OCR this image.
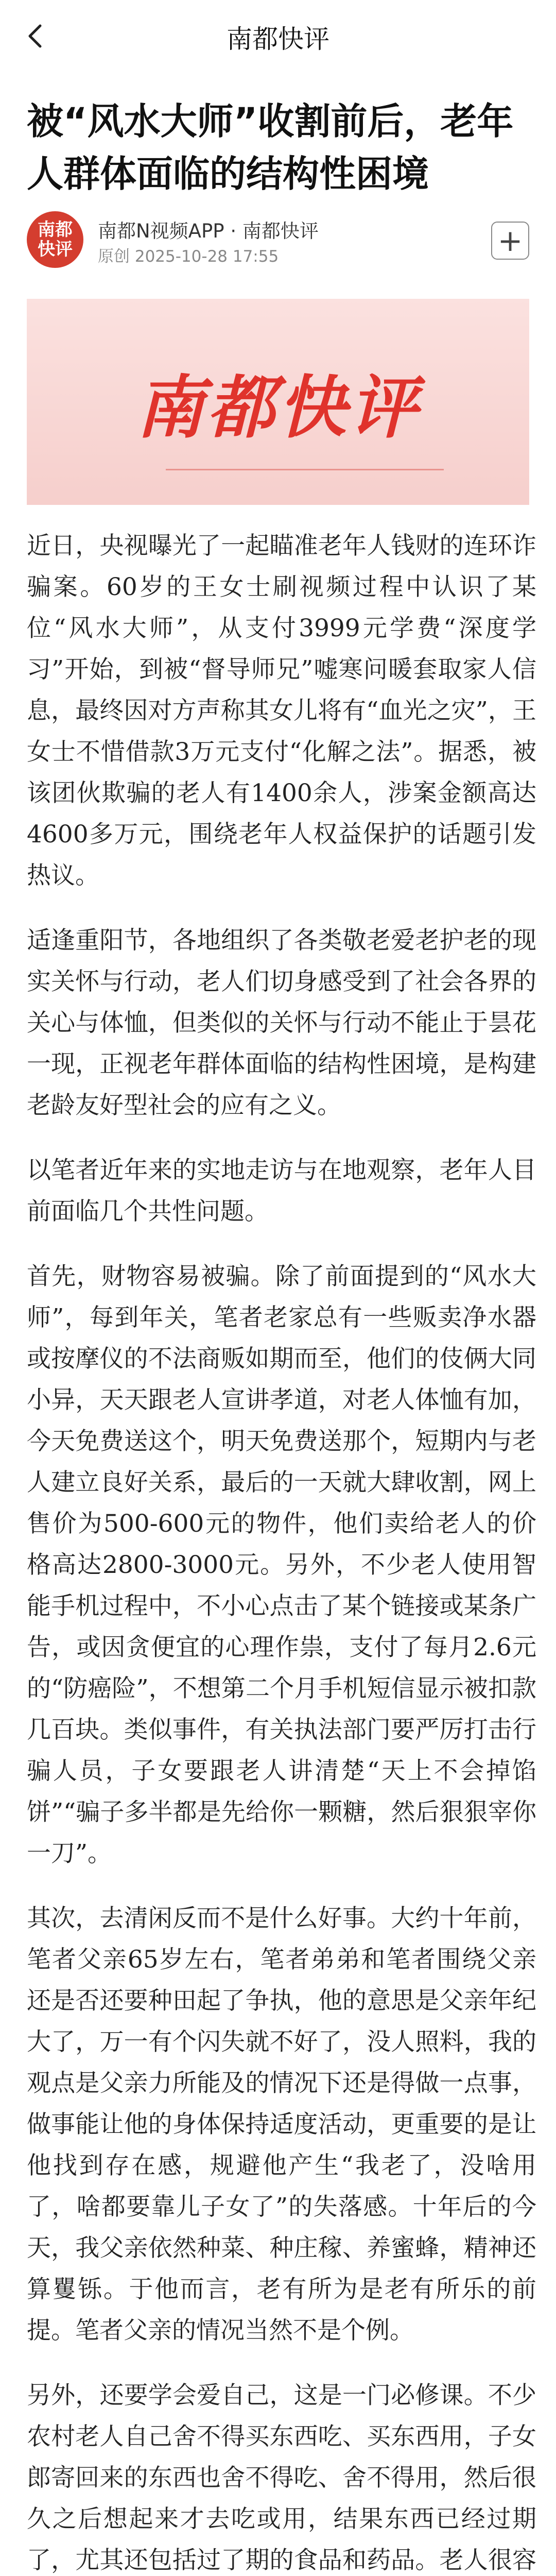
南都快评
被“风水大师”收割前后，老年人群体面临的结构性困境
南都
快评
南都N视频APP · 南都快评
原创 2025-10-28 17:55	+
南都快评

近日，央视曝光了一起瞄准老年人钱财的连环诈骗案。60岁的王女士刷视频过程中认识了某位“风水大师”，从支付3999元学费“深度学习”开始，到被“督导师兄”嘘寒问暖套取家人信息，最终因对方声称其女儿将有“血光之灾”，王女士不惜借款3万元支付“化解之法”。据悉，被该团伙欺骗的老人有1400余人，涉案金额高达4600多万元，围绕老年人权益保护的话题引发热议。

适逢重阳节，各地组织了各类敬老爱老护老的现实关怀与行动，老人们切身感受到了社会各界的关心与体恤，但类似的关怀与行动不能止于昙花一现，正视老年群体面临的结构性困境，是构建老龄友好型社会的应有之义。

以笔者近年来的实地走访与在地观察，老年人目前面临几个共性问题。

首先，财物容易被骗。除了前面提到的“风水大师”，每到年关，笔者老家总有一些贩卖净水器或按摩仪的不法商贩如期而至，他们的伎俩大同小异，天天跟老人宣讲孝道，对老人体恤有加，今天免费送这个，明天免费送那个，短期内与老人建立良好关系，最后的一天就大肆收割，网上售价为500-600元的物件，他们卖给老人的价格高达2800-3000元。另外，不少老人使用智能手机过程中，不小心点击了某个链接或某条广告，或因贪便宜的心理作祟，支付了每月2.6元的“防癌险”，不想第二个月手机短信显示被扣款几百块。类似事件，有关执法部门要严厉打击行骗人员，子女要跟老人讲清楚“天上不会掉馅饼”“骗子多半都是先给你一颗糖，然后狠狠宰你一刀”。

其次，去清闲反而不是什么好事。大约十年前，笔者父亲65岁左右，笔者弟弟和笔者围绕父亲还是否还要种田起了争执，他的意思是父亲年纪大了，万一有个闪失就不好了，没人照料，我的观点是父亲力所能及的情况下还是得做一点事，做事能让他的身体保持适度活动，更重要的是让他找到存在感，规避他产生“我老了，没啥用了，啥都要靠儿子女了”的失落感。十年后的今天，我父亲依然种菜、种庄稼、养蜜蜂，精神还算矍铄。于他而言，老有所为是老有所乐的前提。笔者父亲的情况当然不是个例。

另外，还要学会爱自己，这是一门必修课。不少农村老人自己舍不得买东西吃、买东西用，子女郎寄回来的东西也舍不得吃、舍不得用，然后很久之后想起来才去吃或用，结果东西已经过期了，尤其还包括过了期的食品和药品。老人很容
